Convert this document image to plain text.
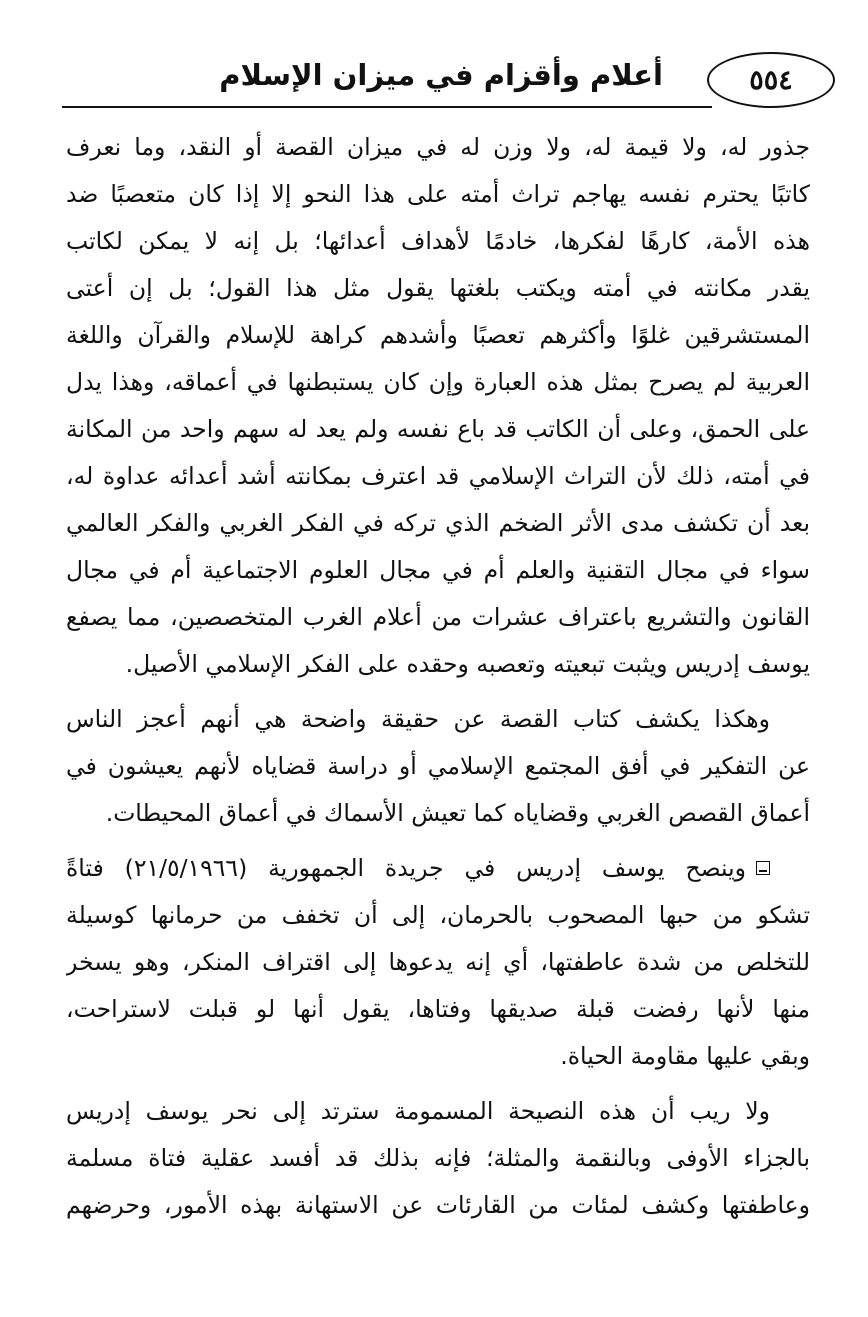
٥٥٤
أعلام وأقزام في ميزان الإسلام
جذور له، ولا قيمة له، ولا وزن له في ميزان القصة أو النقد، وما نعرف
كاتبًا يحترم نفسه يهاجم تراث أمته على هذا النحو إلا إذا كان متعصبًا ضد
هذه الأمة، كارهًا لفكرها، خادمًا لأهداف أعدائها؛ بل إنه لا يمكن لكاتب
يقدر مكانته في أمته ويكتب بلغتها يقول مثل هذا القول؛ بل إن أعتى
المستشرقين غلوًا وأكثرهم تعصبًا وأشدهم كراهة للإسلام والقرآن واللغة
العربية لم يصرح بمثل هذه العبارة وإن كان يستبطنها في أعماقه، وهذا يدل
على الحمق، وعلى أن الكاتب قد باع نفسه ولم يعد له سهم واحد من المكانة
في أمته، ذلك لأن التراث الإسلامي قد اعترف بمكانته أشد أعدائه عداوة له،
بعد أن تكشف مدى الأثر الضخم الذي تركه في الفكر الغربي والفكر العالمي
سواء في مجال التقنية والعلم أم في مجال العلوم الاجتماعية أم في مجال
القانون والتشريع باعتراف عشرات من أعلام الغرب المتخصصين، مما يصفع
يوسف إدريس ويثبت تبعيته وتعصبه وحقده على الفكر الإسلامي الأصيل.
وهكذا يكشف كتاب القصة عن حقيقة واضحة هي أنهم أعجز الناس
عن التفكير في أفق المجتمع الإسلامي أو دراسة قضاياه لأنهم يعيشون في
أعماق القصص الغربي وقضاياه كما تعيش الأسماك في أعماق المحيطات.
وينصح يوسف إدريس في جريدة الجمهورية (٢١/٥/١٩٦٦) فتاةً
تشكو من حبها المصحوب بالحرمان، إلى أن تخفف من حرمانها كوسيلة
للتخلص من شدة عاطفتها، أي إنه يدعوها إلى اقتراف المنكر، وهو يسخر
منها لأنها رفضت قبلة صديقها وفتاها، يقول أنها لو قبلت لاستراحت،
وبقي عليها مقاومة الحياة.
ولا ريب أن هذه النصيحة المسمومة سترتد إلى نحر يوسف إدريس
بالجزاء الأوفى وبالنقمة والمثلة؛ فإنه بذلك قد أفسد عقلية فتاة مسلمة
وعاطفتها وكشف لمئات من القارئات عن الاستهانة بهذه الأمور، وحرضهم
